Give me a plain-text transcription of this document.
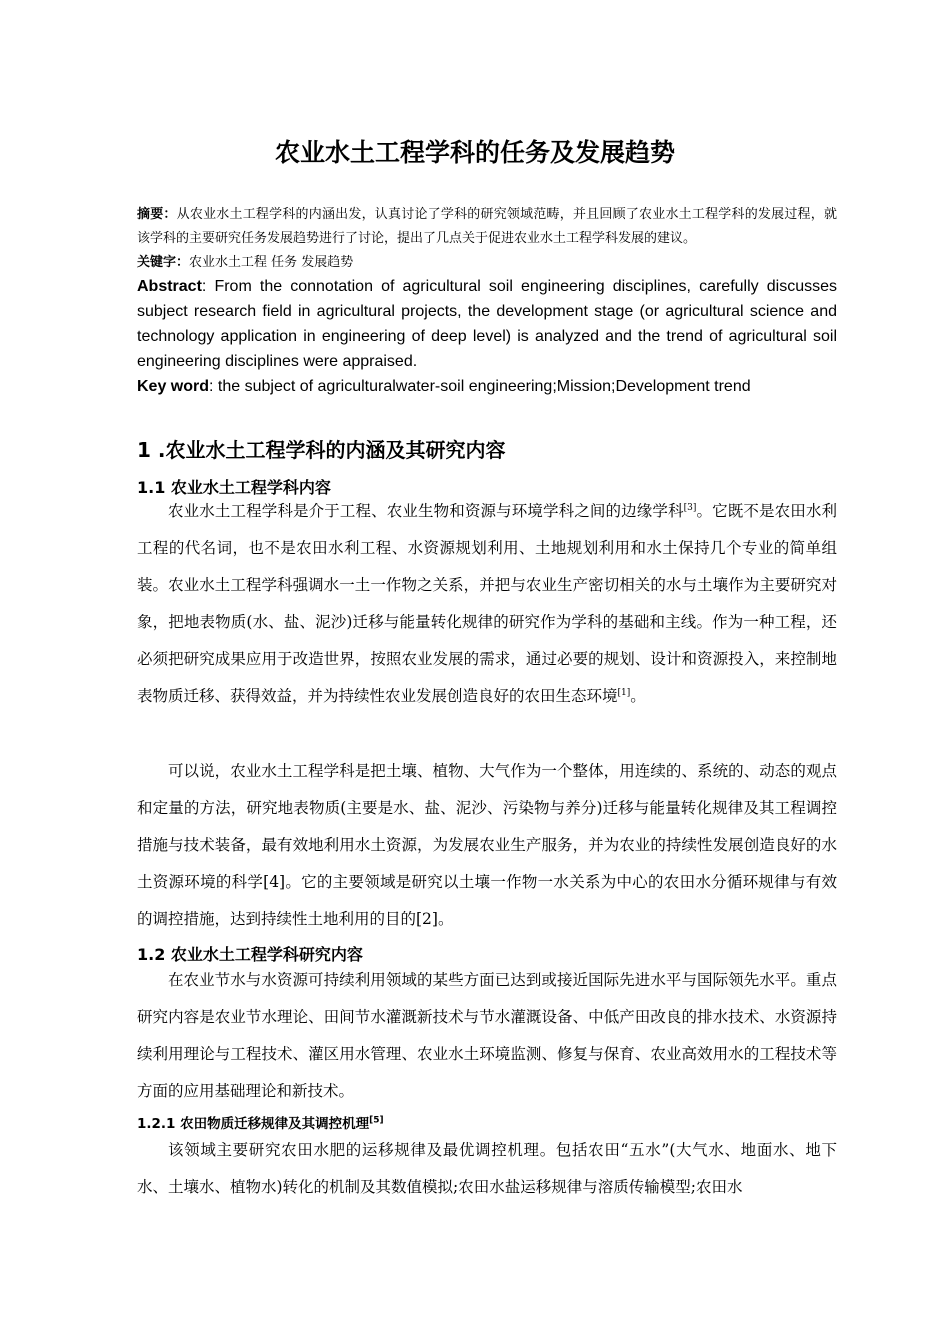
农业水土工程学科的任务及发展趋势
摘要：从农业水土工程学科的内涵出发，认真讨论了学科的研究领域范畴，并且回顾了农业水土工程学科的发展过程，就该学科的主要研究任务发展趋势进行了讨论，提出了几点关于促进农业水土工程学科发展的建议。
关键字：农业水土工程 任务 发展趋势
Abstract: From the connotation of agricultural soil engineering disciplines, carefully discusses subject research field in agricultural projects, the development stage (or agricultural science and technology application in engineering of deep level) is analyzed and the trend of agricultural soil engineering disciplines were appraised.
Key word: the subject of agriculturalwater-soil engineering;Mission;Development trend
1 .农业水土工程学科的内涵及其研究内容
1.1 农业水土工程学科内容
农业水土工程学科是介于工程、农业生物和资源与环境学科之间的边缘学科[3]。它既不是农田水利工程的代名词，也不是农田水利工程、水资源规划利用、土地规划利用和水土保持几个专业的简单组装。农业水土工程学科强调水一土一作物之关系，并把与农业生产密切相关的水与土壤作为主要研究对象，把地表物质(水、盐、泥沙)迁移与能量转化规律的研究作为学科的基础和主线。作为一种工程，还必须把研究成果应用于改造世界，按照农业发展的需求，通过必要的规划、设计和资源投入，来控制地表物质迁移、获得效益，并为持续性农业发展创造良好的农田生态环境[1]。
可以说，农业水土工程学科是把土壤、植物、大气作为一个整体，用连续的、系统的、动态的观点和定量的方法，研究地表物质(主要是水、盐、泥沙、污染物与养分)迁移与能量转化规律及其工程调控措施与技术装备，最有效地利用水土资源，为发展农业生产服务，并为农业的持续性发展创造良好的水土资源环境的科学[4]。它的主要领域是研究以土壤一作物一水关系为中心的农田水分循环规律与有效的调控措施，达到持续性土地利用的目的[2]。
1.2 农业水土工程学科研究内容
在农业节水与水资源可持续利用领域的某些方面已达到或接近国际先进水平与国际领先水平。重点研究内容是农业节水理论、田间节水灌溉新技术与节水灌溉设备、中低产田改良的排水技术、水资源持续利用理论与工程技术、灌区用水管理、农业水土环境监测、修复与保育、农业高效用水的工程技术等方面的应用基础理论和新技术。
1.2.1 农田物质迁移规律及其调控机理[5]
该领域主要研究农田水肥的运移规律及最优调控机理。包括农田“五水”(大气水、地面水、地下水、土壤水、植物水)转化的机制及其数值模拟;农田水盐运移规律与溶质传输模型;农田水
